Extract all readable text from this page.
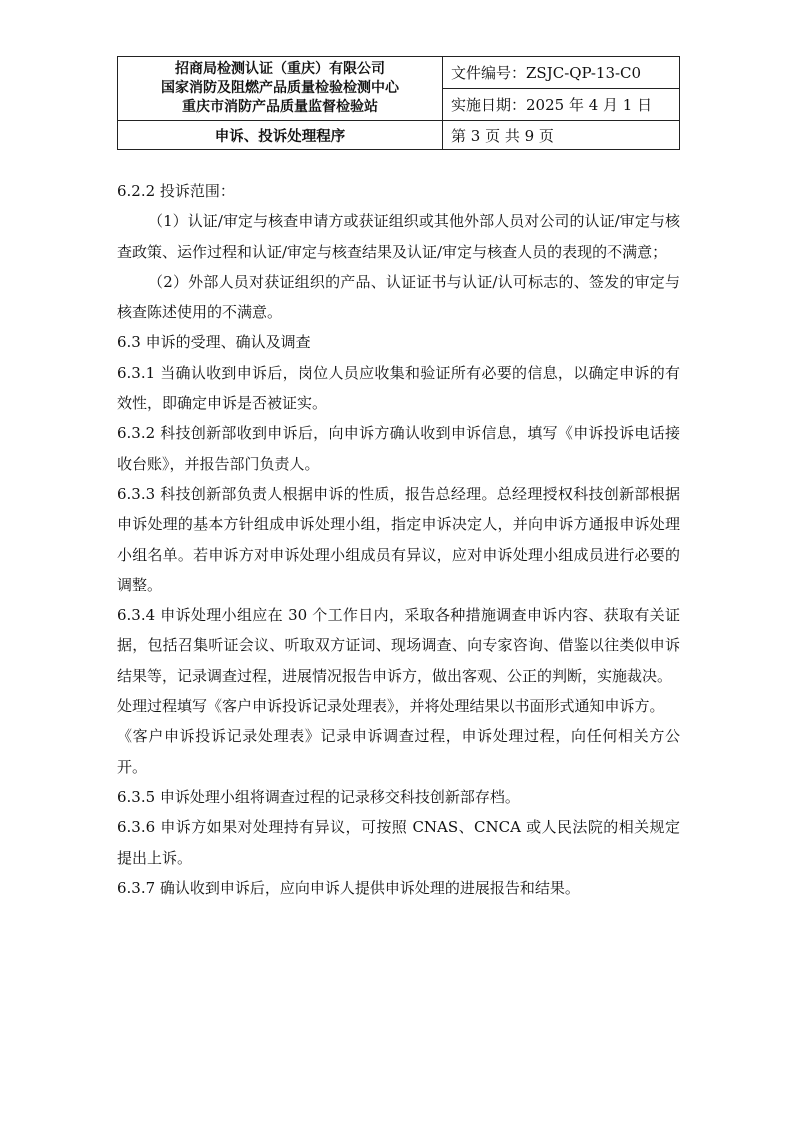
招商局检测认证（重庆）有限公司
国家消防及阻燃产品质量检验检测中心
重庆市消防产品质量监督检验站	文件编号：ZSJC-QP-13-C0
	实施日期：2025 年 4 月 1 日
申诉、投诉处理程序	第 3 页 共 9 页

6.2.2 投诉范围：

（1）认证/审定与核查申请方或获证组织或其他外部人员对公司的认证/审定与核查政策、运作过程和认证/审定与核查结果及认证/审定与核查人员的表现的不满意；

（2）外部人员对获证组织的产品、认证证书与认证/认可标志的、签发的审定与核查陈述使用的不满意。

6.3 申诉的受理、确认及调查

6.3.1 当确认收到申诉后，岗位人员应收集和验证所有必要的信息，以确定申诉的有效性，即确定申诉是否被证实。

6.3.2 科技创新部收到申诉后，向申诉方确认收到申诉信息，填写《申诉投诉电话接收台账》，并报告部门负责人。

6.3.3 科技创新部负责人根据申诉的性质，报告总经理。总经理授权科技创新部根据申诉处理的基本方针组成申诉处理小组，指定申诉决定人，并向申诉方通报申诉处理小组名单。若申诉方对申诉处理小组成员有异议，应对申诉处理小组成员进行必要的调整。

6.3.4 申诉处理小组应在 30 个工作日内，采取各种措施调查申诉内容、获取有关证据，包括召集听证会议、听取双方证词、现场调查、向专家咨询、借鉴以往类似申诉结果等，记录调查过程，进展情况报告申诉方，做出客观、公正的判断，实施裁决。

处理过程填写《客户申诉投诉记录处理表》，并将处理结果以书面形式通知申诉方。

《客户申诉投诉记录处理表》记录申诉调查过程，申诉处理过程，向任何相关方公开。

6.3.5 申诉处理小组将调查过程的记录移交科技创新部存档。

6.3.6 申诉方如果对处理持有异议，可按照 CNAS、CNCA 或人民法院的相关规定提出上诉。

6.3.7 确认收到申诉后，应向申诉人提供申诉处理的进展报告和结果。
